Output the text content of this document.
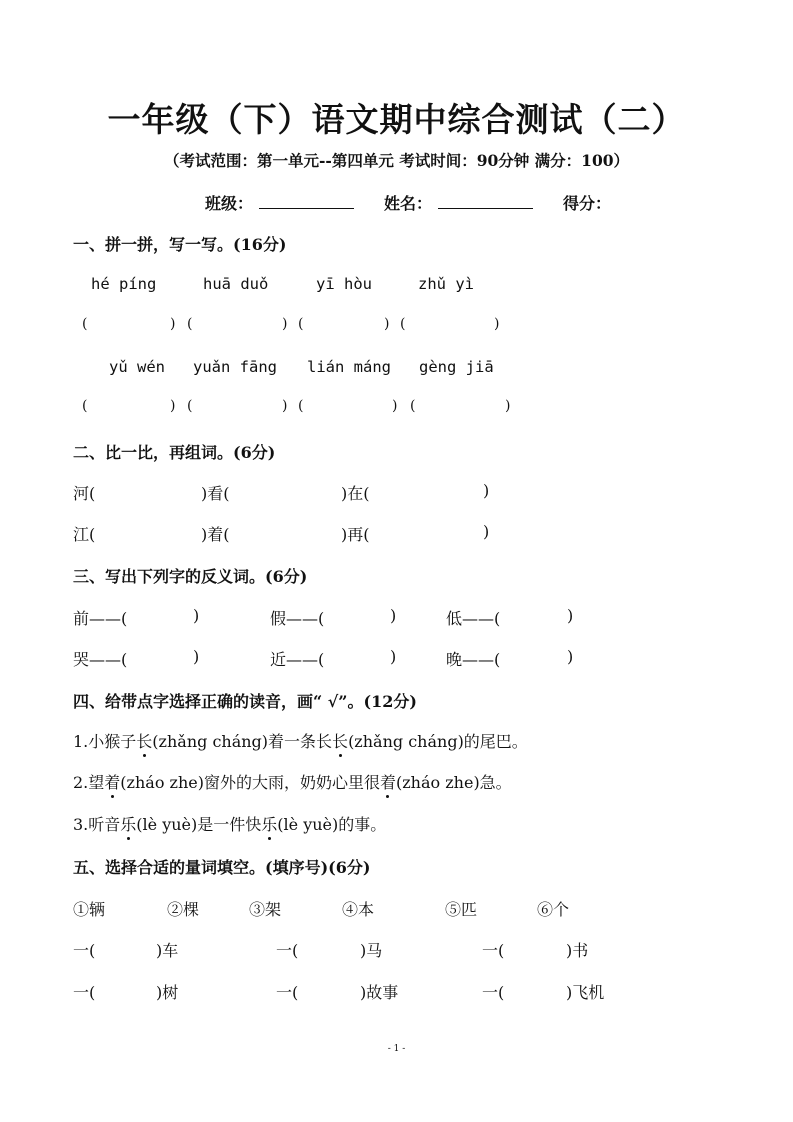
一年级（下）语文期中综合测试（二）
（考试范围：第一单元--第四单元 考试时间：90分钟 满分：100）
班级：	姓名：	得分：
一、拼一拼，写一写。(16分)
hé píng	huā duǒ	yī hòu	zhǔ yì
(	) (	) (	) (	)
yǔ wén yuǎn fāng lián máng gèng jiā
(	) (	) (	) (	)
二、比一比，再组词。(6分)
河(	)看(	)在(	)
江(	)着(	)再(	)
三、写出下列字的反义词。(6分)
前——(	)	假——(	)	低——(	)
哭——(	)	近——(	)	晚——(	)
四、给带点字选择正确的读音，画“ √”。(12分)
1.小猴子长(zhǎng cháng)着一条长长(zhǎng cháng)的尾巴。
2.望着(zháo zhe)窗外的大雨，奶奶心里很着(zháo zhe)急。
3.听音乐(lè yuè)是一件快乐(lè yuè)的事。
五、选择合适的量词填空。(填序号)(6分)
①辆	②棵	③架	④本	⑤匹	⑥个
一(	)车	一(	)马	一(	)书
一(	)树	一(	)故事	一(	)飞机
- 1 -
